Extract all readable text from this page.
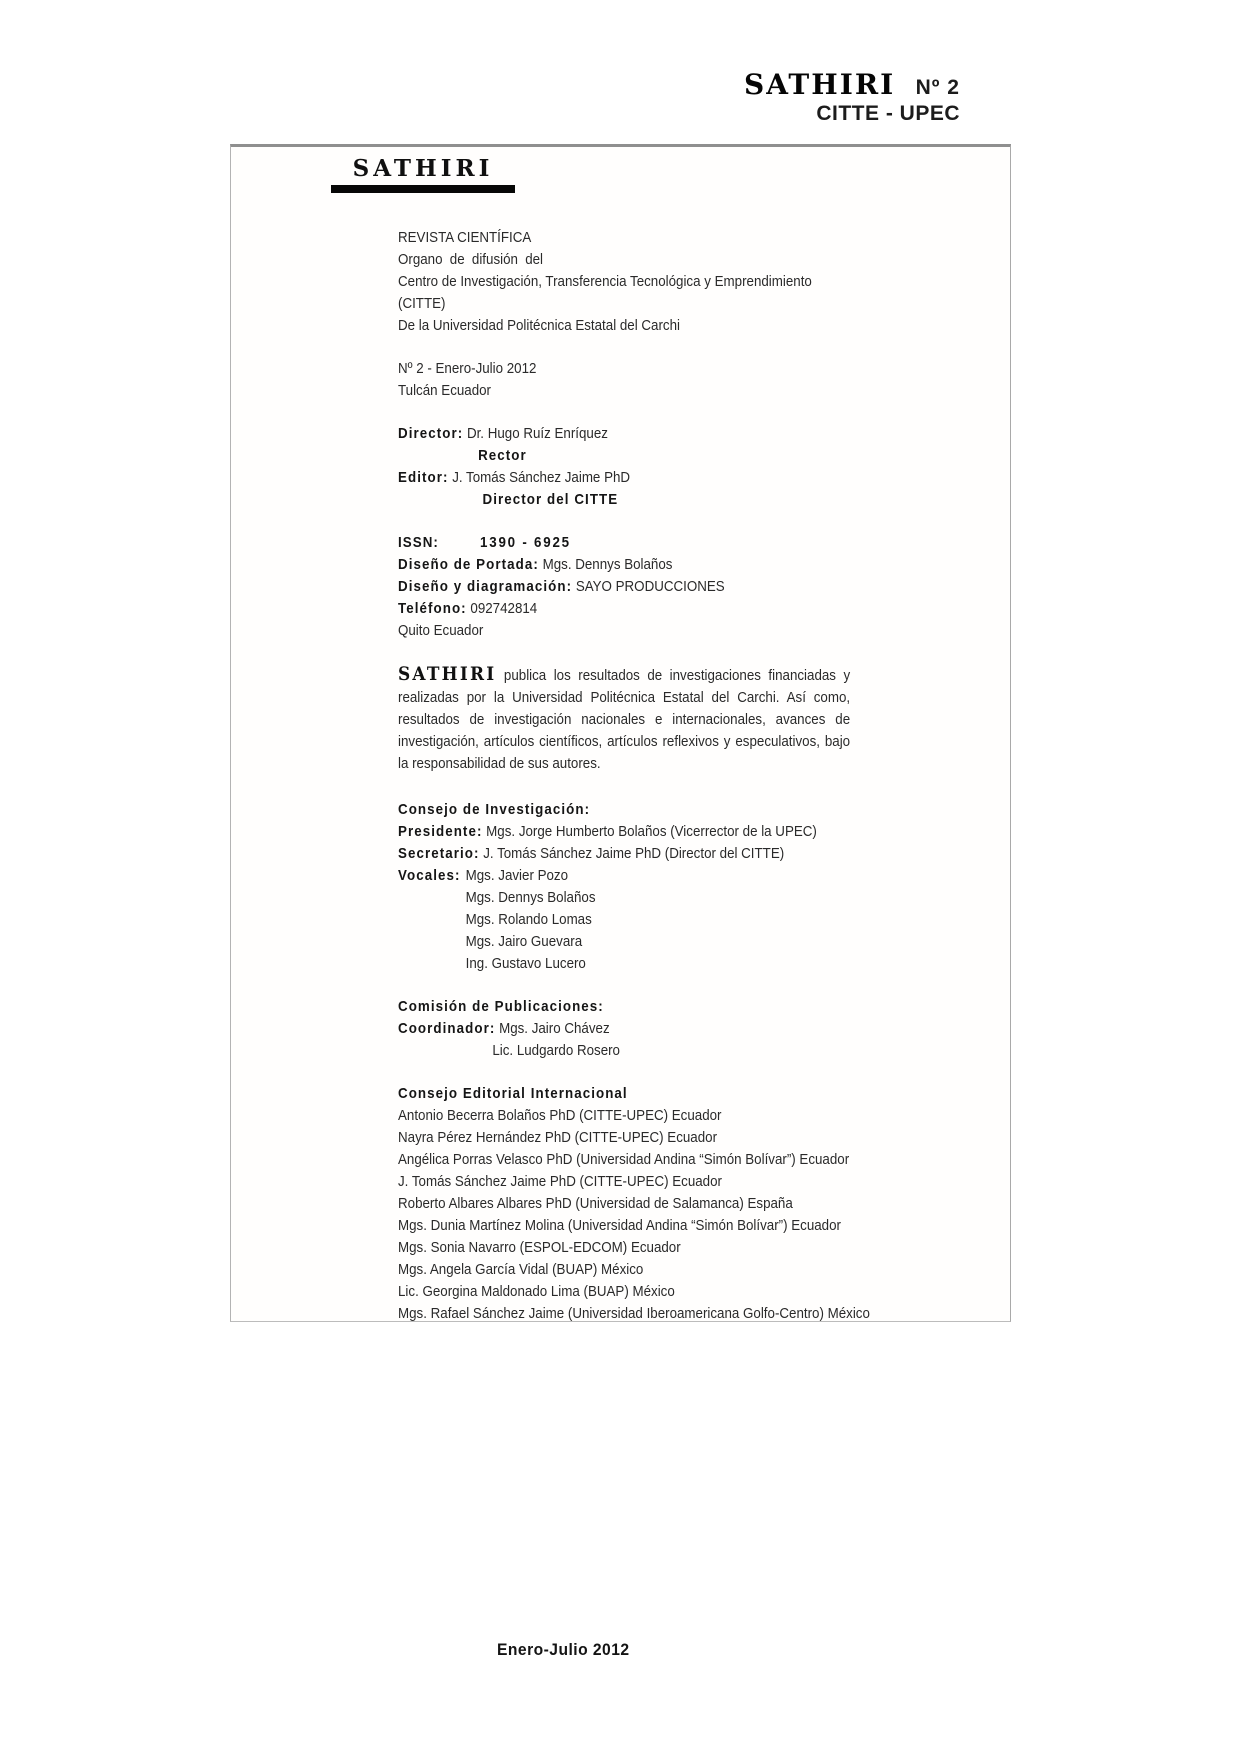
SATHIRI Nº 2
CITTE - UPEC
SATHIRI
REVISTA CIENTÍFICA
Organo de difusión del
Centro de Investigación, Transferencia Tecnológica y Emprendimiento (CITTE)
De la Universidad Politécnica Estatal del Carchi
Nº 2 - Enero-Julio 2012
Tulcán Ecuador
Director: Dr. Hugo Ruíz Enríquez
Rector
Editor: J. Tomás Sánchez Jaime PhD
Director del CITTE
ISSN:	1390 - 6925
Diseño de Portada: Mgs. Dennys Bolaños
Diseño y diagramación: SAYO PRODUCCIONES
Teléfono: 092742814
Quito Ecuador

SATHIRI publica los resultados de investigaciones financiadas y realizadas por la Universidad Politécnica Estatal del Carchi. Así como, resultados de investigación nacionales e internacionales, avances de investigación, artículos científicos, artículos reflexivos y especulativos, bajo la responsabilidad de sus autores.

Consejo de Investigación:
Presidente: Mgs. Jorge Humberto Bolaños (Vicerrector de la UPEC)
Secretario: J. Tomás Sánchez Jaime PhD (Director del CITTE)
Vocales: Mgs. Javier Pozo
Mgs. Dennys Bolaños
Mgs. Rolando Lomas
Mgs. Jairo Guevara
Ing. Gustavo Lucero
Comisión de Publicaciones:
Coordinador: Mgs. Jairo Chávez
Lic. Ludgardo Rosero
Consejo Editorial Internacional
Antonio Becerra Bolaños PhD (CITTE-UPEC) Ecuador
Nayra Pérez Hernández PhD (CITTE-UPEC) Ecuador
Angélica Porras Velasco PhD (Universidad Andina “Simón Bolívar”) Ecuador
J. Tomás Sánchez Jaime PhD (CITTE-UPEC) Ecuador
Roberto Albares Albares PhD (Universidad de Salamanca) España
Mgs. Dunia Martínez Molina (Universidad Andina “Simón Bolívar”) Ecuador
Mgs. Sonia Navarro (ESPOL-EDCOM) Ecuador
Mgs. Angela García Vidal (BUAP) México
Lic. Georgina Maldonado Lima (BUAP) México
Mgs. Rafael Sánchez Jaime (Universidad Iberoamericana Golfo-Centro) México
Enero-Julio 2012
